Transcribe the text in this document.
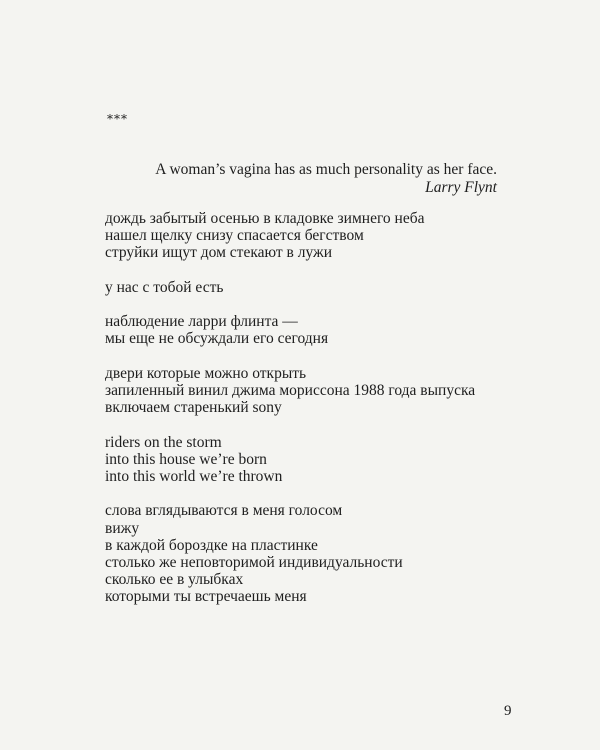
***
A woman’s vagina has as much personality as her face.
Larry Flynt
дождь забытый осенью в кладовке зимнего неба
нашел щелку снизу спасается бегством
струйки ищут дом стекают в лужи
у нас с тобой есть
наблюдение ларри флинта —
мы еще не обсуждали его сегодня
двери которые можно открыть
запиленный винил джима мориссона 1988 года выпуска
включаем старенький sony
riders on the storm
into this house we’re born
into this world we’re thrown
слова вглядываются в меня голосом
вижу
в каждой бороздке на пластинке
столько же неповторимой индивидуальности
сколько ее в улыбках
которыми ты встречаешь меня
9
